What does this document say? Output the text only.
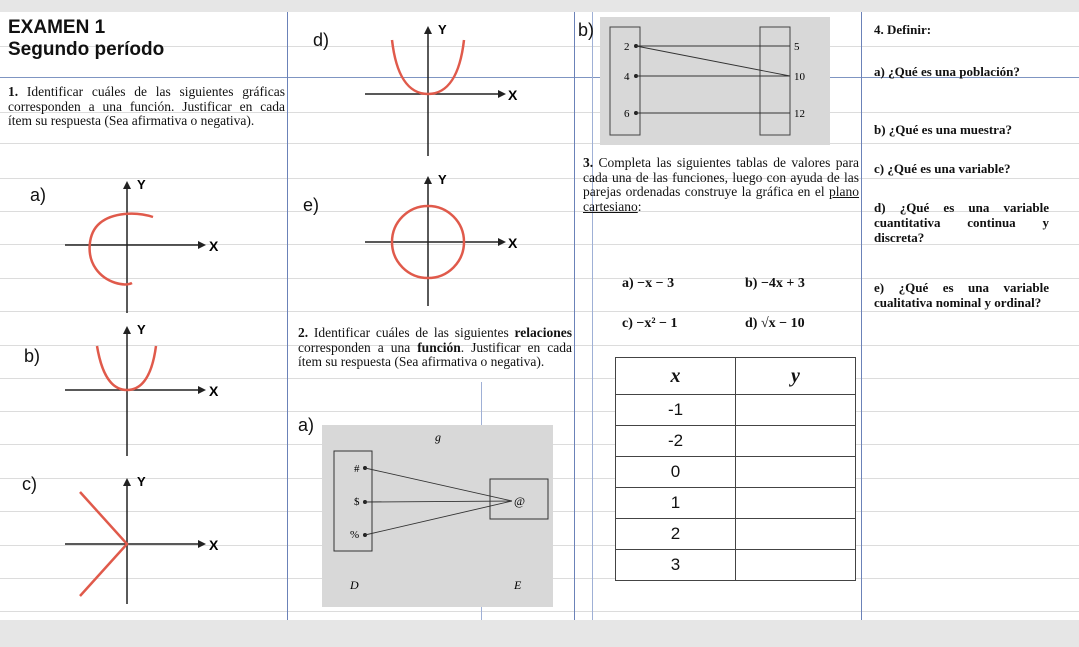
EXAMEN 1
Segundo período
1. Identificar cuáles de las siguientes gráficas corresponden a una función. Justificar en cada ítem su respuesta (Sea afirmativa o negativa).
a)
X
Y
b)
X
Y
c)
X
Y
d)
X
Y
e)
X
Y
2. Identificar cuáles de las siguientes relaciones corresponden a una función. Justificar en cada ítem su respuesta (Sea afirmativa o negativa).
a)
g
#
$
%
@
D	E
b)
2
4
6
5
10
12
3. Completa las siguientes tablas de valores para cada una de las funciones, luego con ayuda de las parejas ordenadas construye la gráfica en el plano cartesiano:
a) −x − 3	b) −4x + 3
c) −x² − 1	d) √x − 10
x	y
-1	
-2	
0	
1	
2	
3	
4. Definir:
a) ¿Qué es una población?
b) ¿Qué es una muestra?
c) ¿Qué es una variable?
d) ¿Qué es una variable cuantitativa continua y discreta?
e) ¿Qué es una variable cualitativa nominal y ordinal?
